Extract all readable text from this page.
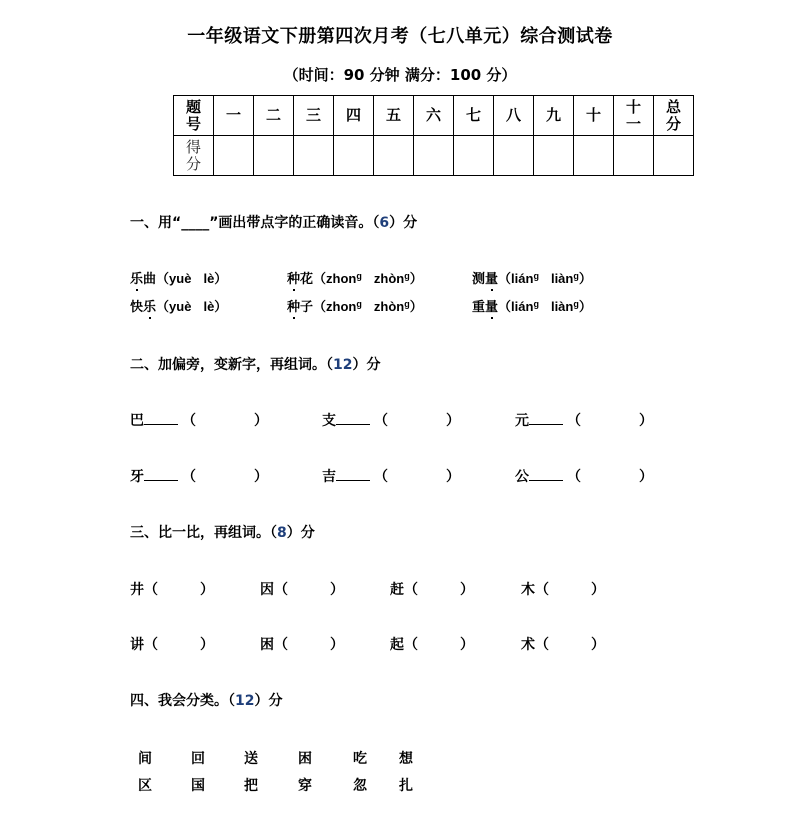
一年级语文下册第四次月考（七八单元）综合测试卷
（时间：90 分钟 满分：100 分）
题号	一	二	三	四	五	六	七	八	九	十	十一	总分
得分												
一、用“____”画出带点字的正确读音。（6）分
乐曲（yuè lè）	种花（zhon$^g$ zhòn$^g$）	测量（lián$^g$ liàn$^g$）
快乐（yuè lè）	种子（zhon$^g$ zhòn$^g$）	重量（lián$^g$ liàn$^g$）
二、加偏旁，变新字，再组词。（12）分
巴	（	）	支	（	）	元	（	）
牙	（	）	吉	（	）	公	（	）
三、比一比，再组词。（8）分
井（	）	因（	）	赶（	）	木（	）
讲（	）	困（	）	起（	）	术（	）
四、我会分类。（12）分
间	回	送	困	吃 想
区	国	把	穿	忽 扎
